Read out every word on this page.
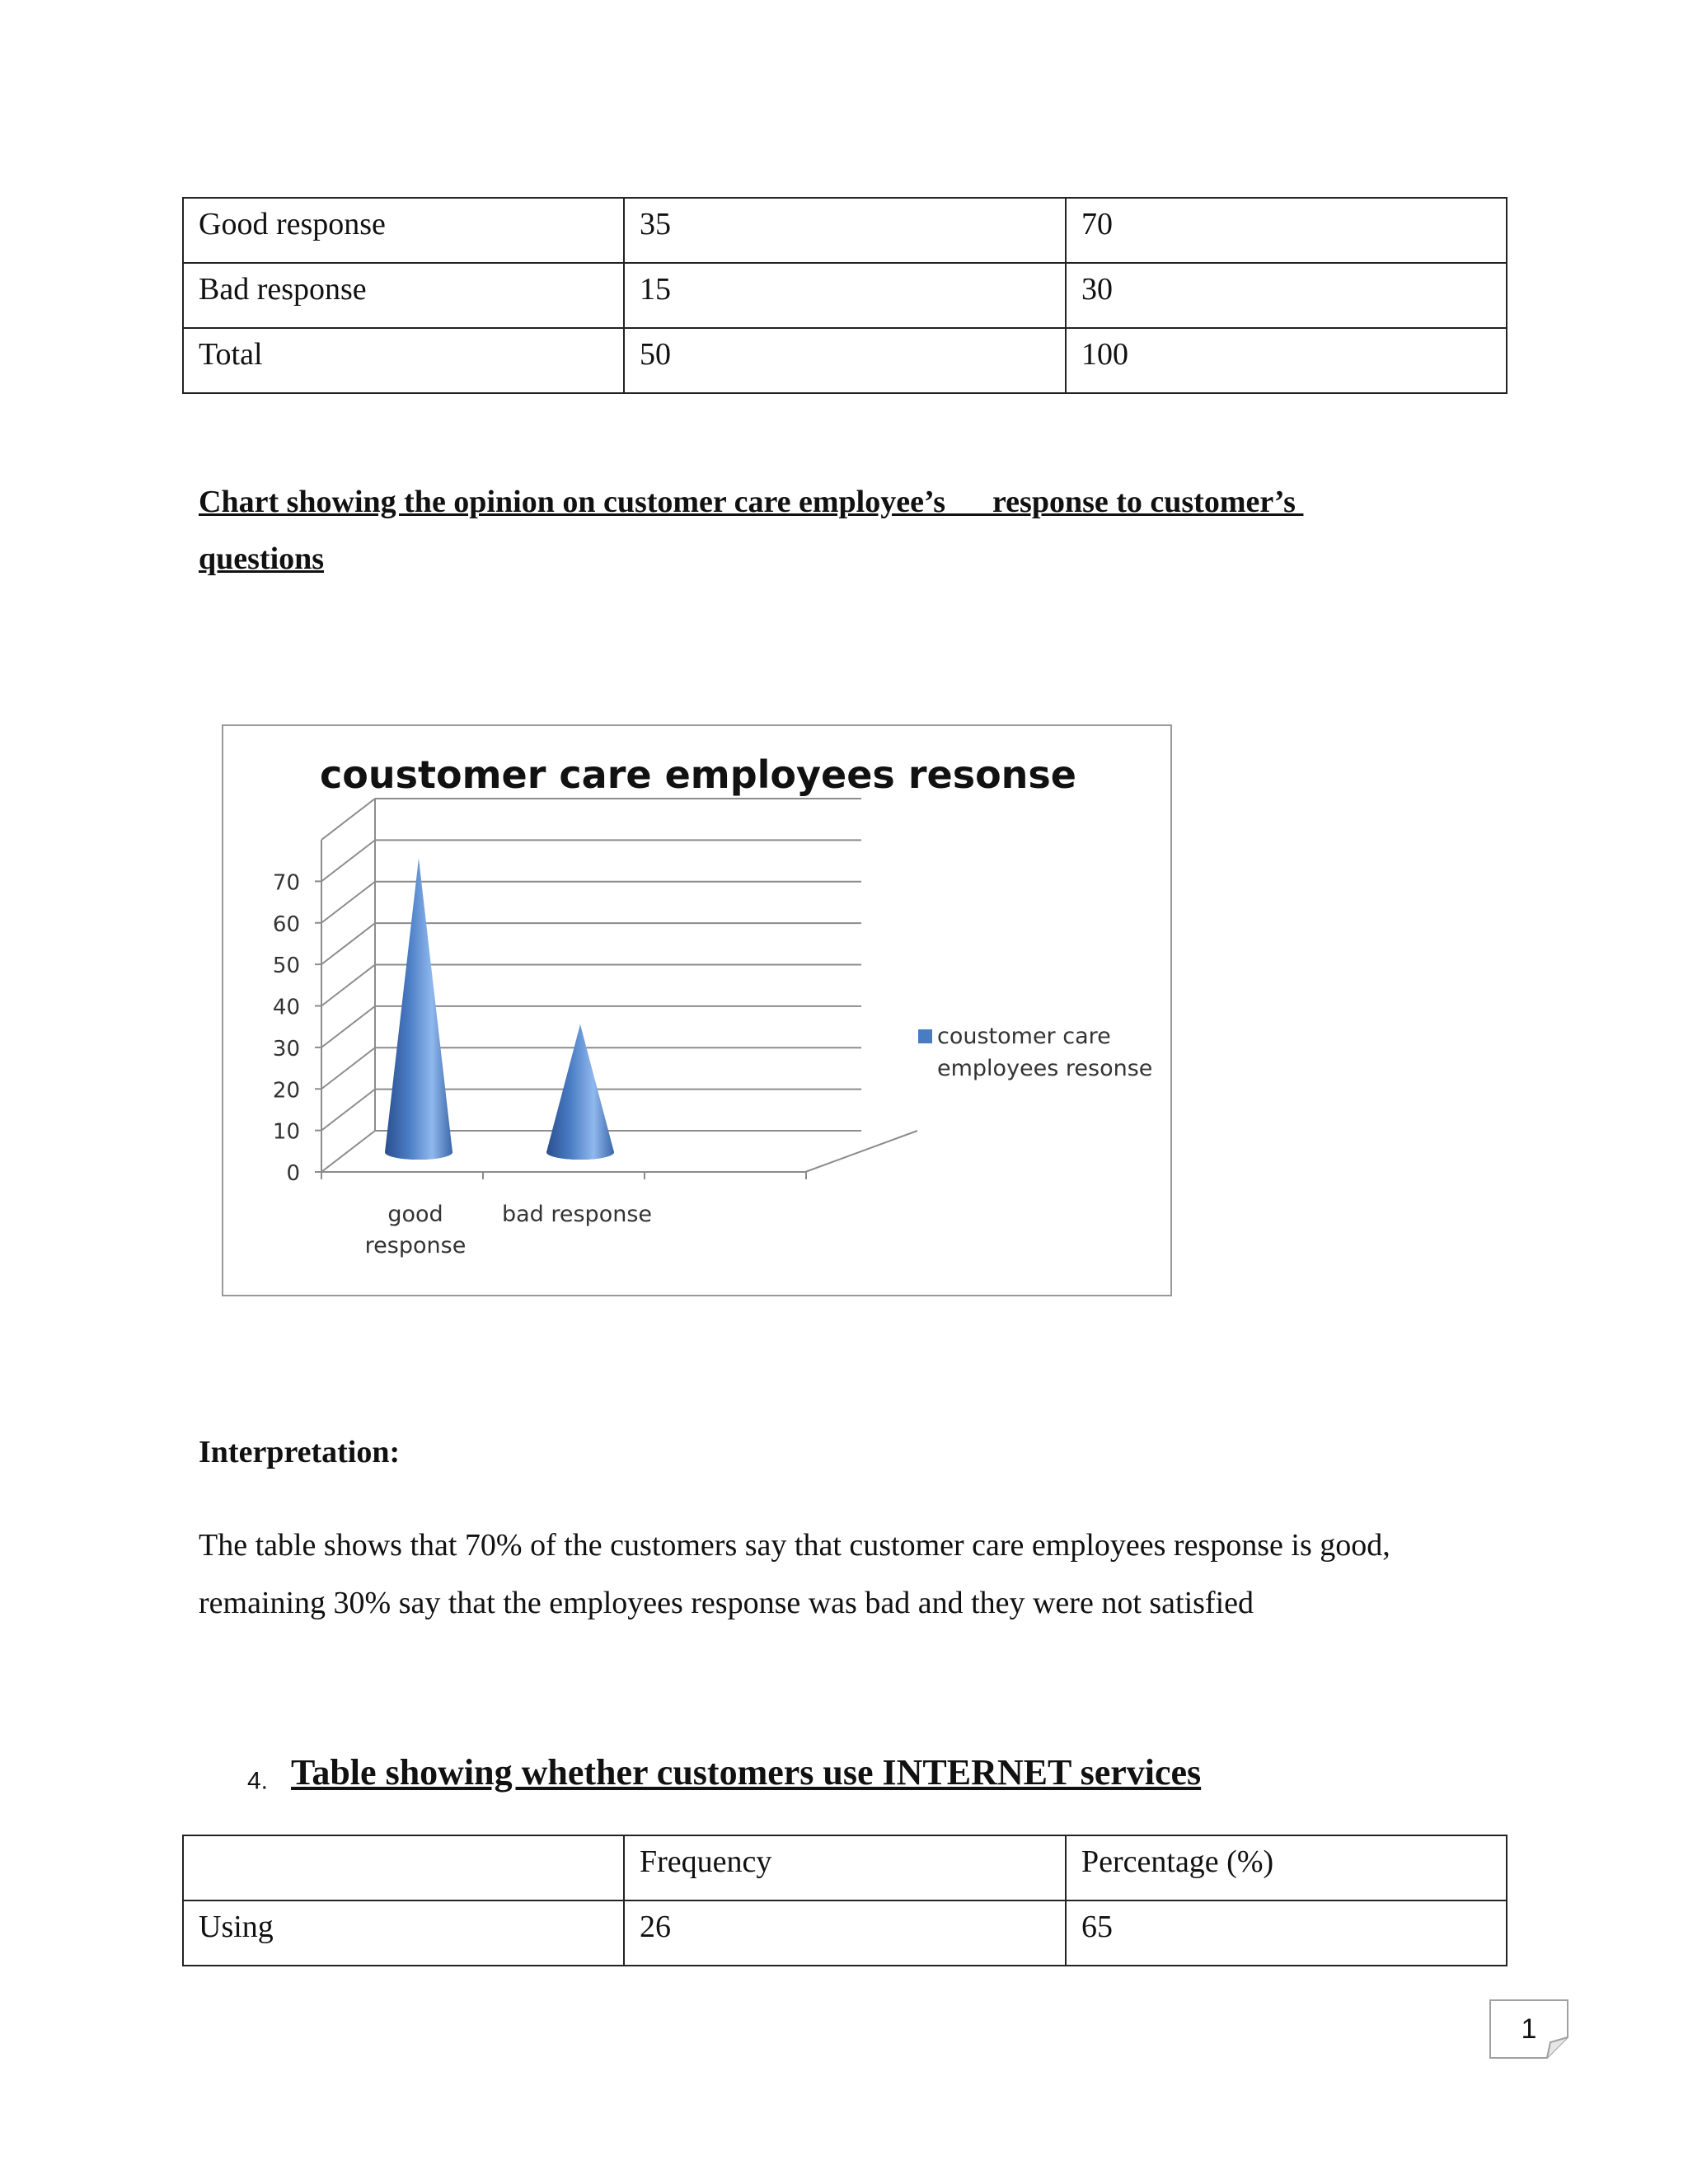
Good response	35	70
Bad response	15	30
Total	50	100
Chart showing the opinion on customer care employee’s      response to customer’s
questions
coustomer care employees resonse
0
10
20
30
40
50
60
70
good
response
bad response
coustomer care
employees resonse
Interpretation:
The table shows that 70% of the customers say that customer care employees response is good,
remaining 30% say that the employees response was bad and they were not satisfied
4. Table showing whether customers use INTERNET services
	Frequency	Percentage (%)
Using	26	65
1
